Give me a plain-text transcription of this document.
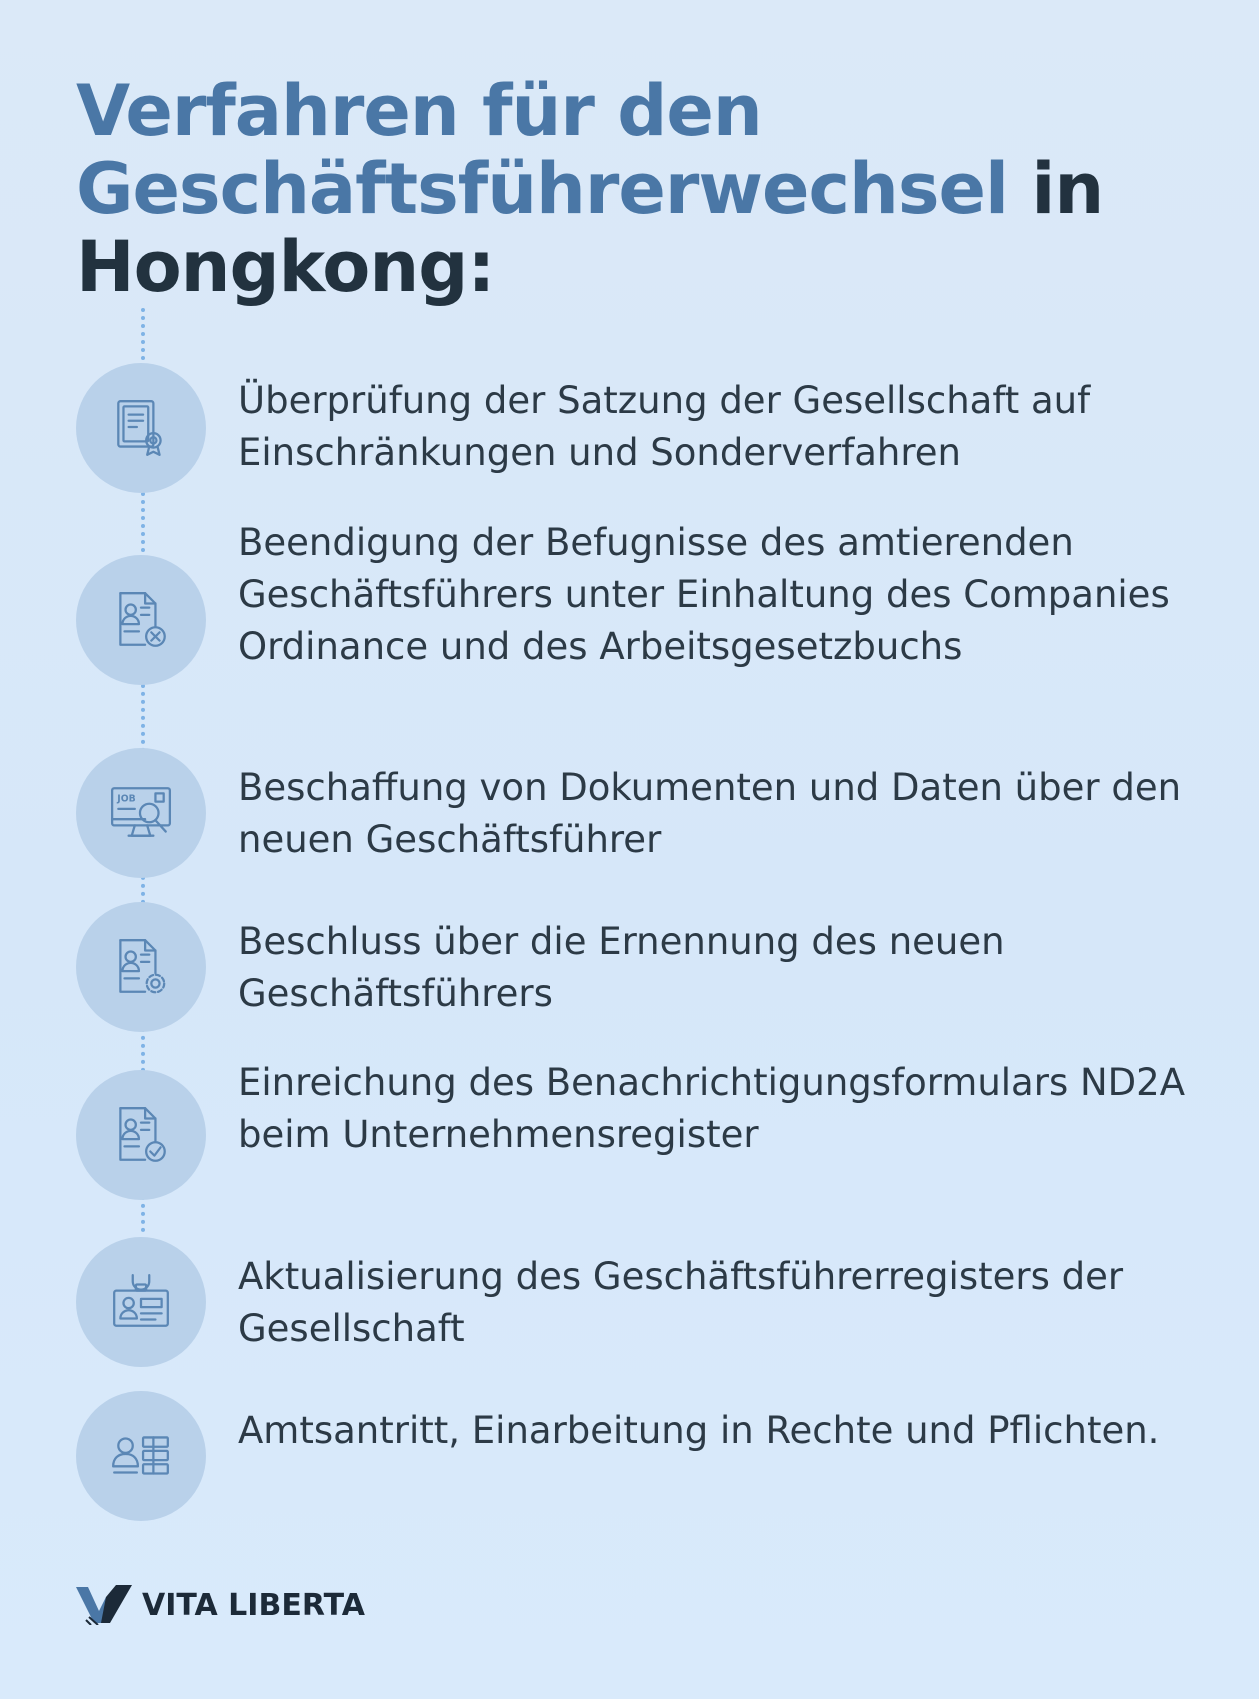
Verfahren für den Geschäftsführerwechsel in
Hongkong:

Überprüfung der Satzung der Gesellschaft auf Einschränkungen und Sonderverfahren

Beendigung der Befugnisse des amtierenden Geschäftsführers unter Einhaltung des Companies Ordinance und des Arbeitsgesetzbuchs

JOB	Beschaffung von Dokumenten und Daten über den neuen Geschäftsführer

Beschluss über die Ernennung des neuen Geschäftsführers

Einreichung des Benachrichtigungsformulars ND2A beim Unternehmensregister

Aktualisierung des Geschäftsführerregisters der Gesellschaft

Amtsantritt, Einarbeitung in Rechte und Pflichten.

VITA LIBERTA
